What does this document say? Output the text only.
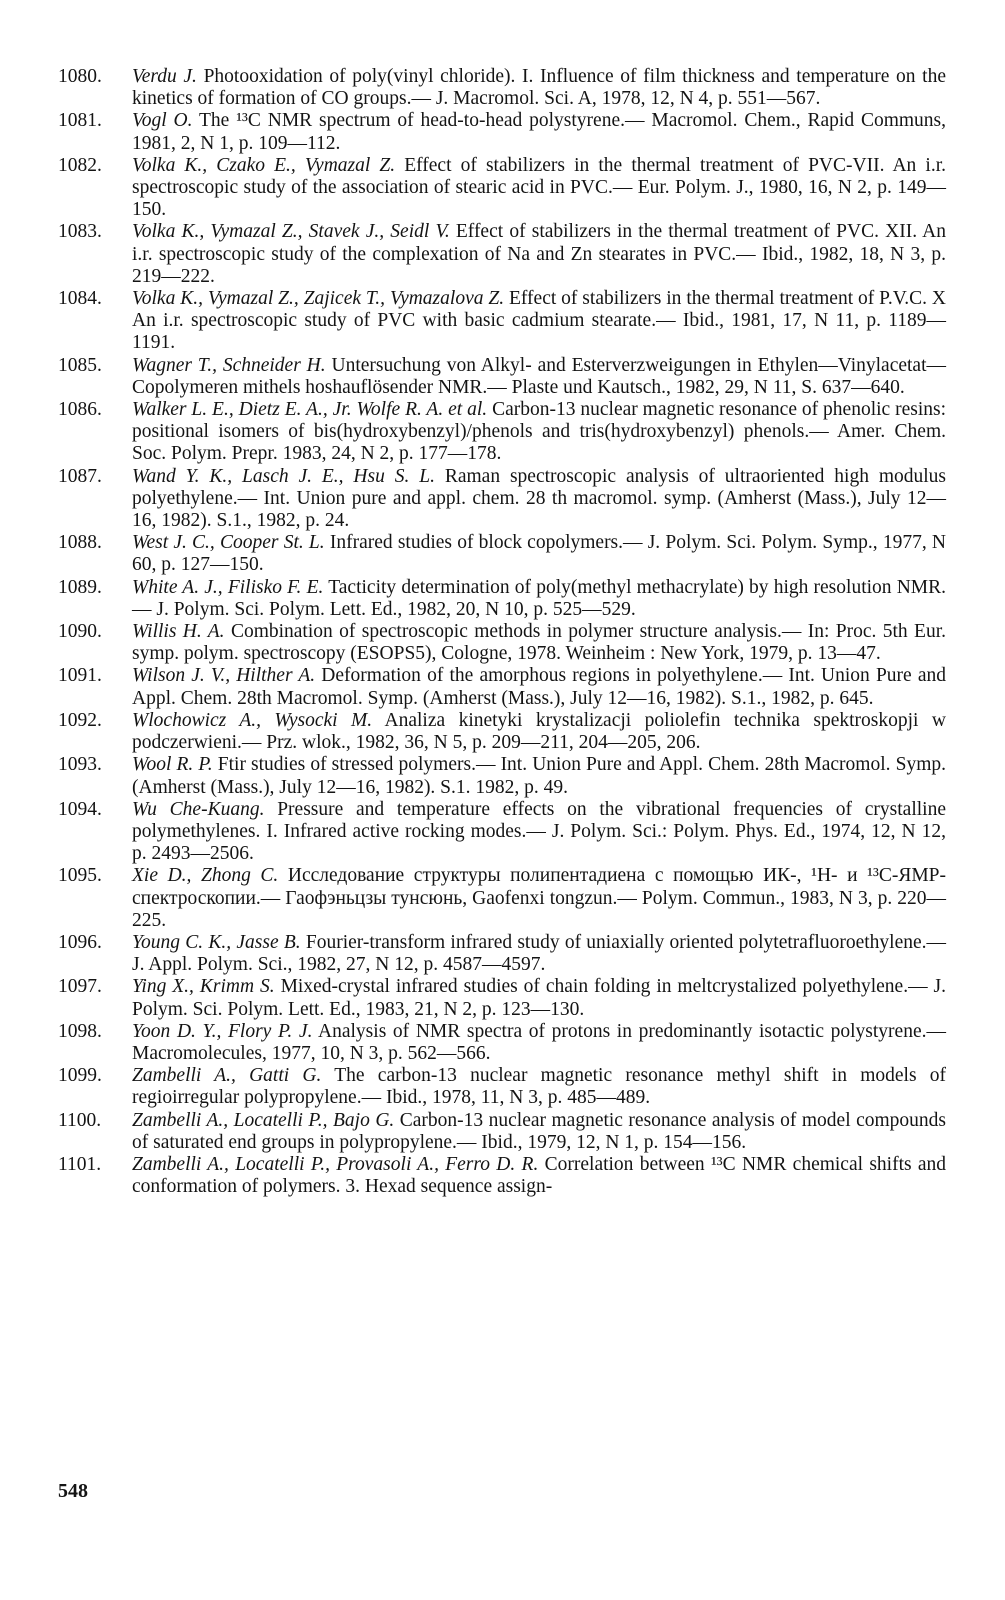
1080.	Verdu J. Photooxidation of poly(vinyl chloride). I. Influence of film thickness and temperature on the kinetics of formation of CO groups.— J. Macromol. Sci. A, 1978, 12, N 4, p. 551—567.
1081.	Vogl O. The ¹³C NMR spectrum of head-to-head polystyrene.— Macromol. Chem., Rapid Communs, 1981, 2, N 1, p. 109—112.
1082.	Volka K., Czako E., Vymazal Z. Effect of stabilizers in the thermal treatment of PVC-VII. An i.r. spectroscopic study of the association of stearic acid in PVC.— Eur. Polym. J., 1980, 16, N 2, p. 149—150.
1083.	Volka K., Vymazal Z., Stavek J., Seidl V. Effect of stabilizers in the thermal treatment of PVC. XII. An i.r. spectroscopic study of the complexation of Na and Zn stearates in PVC.— Ibid., 1982, 18, N 3, p. 219—222.
1084.	Volka K., Vymazal Z., Zajicek T., Vymazalova Z. Effect of stabilizers in the thermal treatment of P.V.C. X An i.r. spectroscopic study of PVC with basic cadmium stearate.— Ibid., 1981, 17, N 11, p. 1189—1191.
1085.	Wagner T., Schneider H. Untersuchung von Alkyl- and Esterverzweigungen in Ethylen—Vinylacetat—Copolymeren mithels hoshauflösender NMR.— Plaste und Kautsch., 1982, 29, N 11, S. 637—640.
1086.	Walker L. E., Dietz E. A., Jr. Wolfe R. A. et al. Carbon-13 nuclear magnetic resonance of phenolic resins: positional isomers of bis(hydroxybenzyl)/phenols and tris(hydroxybenzyl) phenols.— Amer. Chem. Soc. Polym. Prepr. 1983, 24, N 2, p. 177—178.
1087.	Wand Y. K., Lasch J. E., Hsu S. L. Raman spectroscopic analysis of ultraoriented high modulus polyethylene.— Int. Union pure and appl. chem. 28 th macromol. symp. (Amherst (Mass.), July 12—16, 1982). S.1., 1982, p. 24.
1088.	West J. C., Cooper St. L. Infrared studies of block copolymers.— J. Polym. Sci. Polym. Symp., 1977, N 60, p. 127—150.
1089.	White A. J., Filisko F. E. Tacticity determination of poly(methyl methacrylate) by high resolution NMR.— J. Polym. Sci. Polym. Lett. Ed., 1982, 20, N 10, p. 525—529.
1090.	Willis H. A. Combination of spectroscopic methods in polymer structure analysis.— In: Proc. 5th Eur. symp. polym. spectroscopy (ESOPS5), Cologne, 1978. Weinheim : New York, 1979, p. 13—47.
1091.	Wilson J. V., Hilther A. Deformation of the amorphous regions in polyethylene.— Int. Union Pure and Appl. Chem. 28th Macromol. Symp. (Amherst (Mass.), July 12—16, 1982). S.1., 1982, p. 645.
1092.	Wlochowicz A., Wysocki M. Analiza kinetyki krystalizacji poliolefin technika spektroskopji w podczerwieni.— Prz. wlok., 1982, 36, N 5, p. 209—211, 204—205, 206.
1093.	Wool R. P. Ftir studies of stressed polymers.— Int. Union Pure and Appl. Chem. 28th Macromol. Symp. (Amherst (Mass.), July 12—16, 1982). S.1. 1982, p. 49.
1094.	Wu Che-Kuang. Pressure and temperature effects on the vibrational frequencies of crystalline polymethylenes. I. Infrared active rocking modes.— J. Polym. Sci.: Polym. Phys. Ed., 1974, 12, N 12, p. 2493—2506.
1095.	Xie D., Zhong C. Исследование структуры полипентадиена с помощью ИК-, ¹H- и ¹³C-ЯМР-спектроскопии.— Гаофэньцзы тунсюнь, Gaofenxi tongzun.— Polym. Commun., 1983, N 3, p. 220—225.
1096.	Young C. K., Jasse B. Fourier-transform infrared study of uniaxially oriented polytetrafluoroethylene.— J. Appl. Polym. Sci., 1982, 27, N 12, p. 4587—4597.
1097.	Ying X., Krimm S. Mixed-crystal infrared studies of chain folding in meltcrystalized polyethylene.— J. Polym. Sci. Polym. Lett. Ed., 1983, 21, N 2, p. 123—130.
1098.	Yoon D. Y., Flory P. J. Analysis of NMR spectra of protons in predominantly isotactic polystyrene.— Macromolecules, 1977, 10, N 3, p. 562—566.
1099.	Zambelli A., Gatti G. The carbon-13 nuclear magnetic resonance methyl shift in models of regioirregular polypropylene.— Ibid., 1978, 11, N 3, p. 485—489.
1100.	Zambelli A., Locatelli P., Bajo G. Carbon-13 nuclear magnetic resonance analysis of model compounds of saturated end groups in polypropylene.— Ibid., 1979, 12, N 1, p. 154—156.
1101.	Zambelli A., Locatelli P., Provasoli A., Ferro D. R. Correlation between ¹³C NMR chemical shifts and conformation of polymers. 3. Hexad sequence assign-
548
